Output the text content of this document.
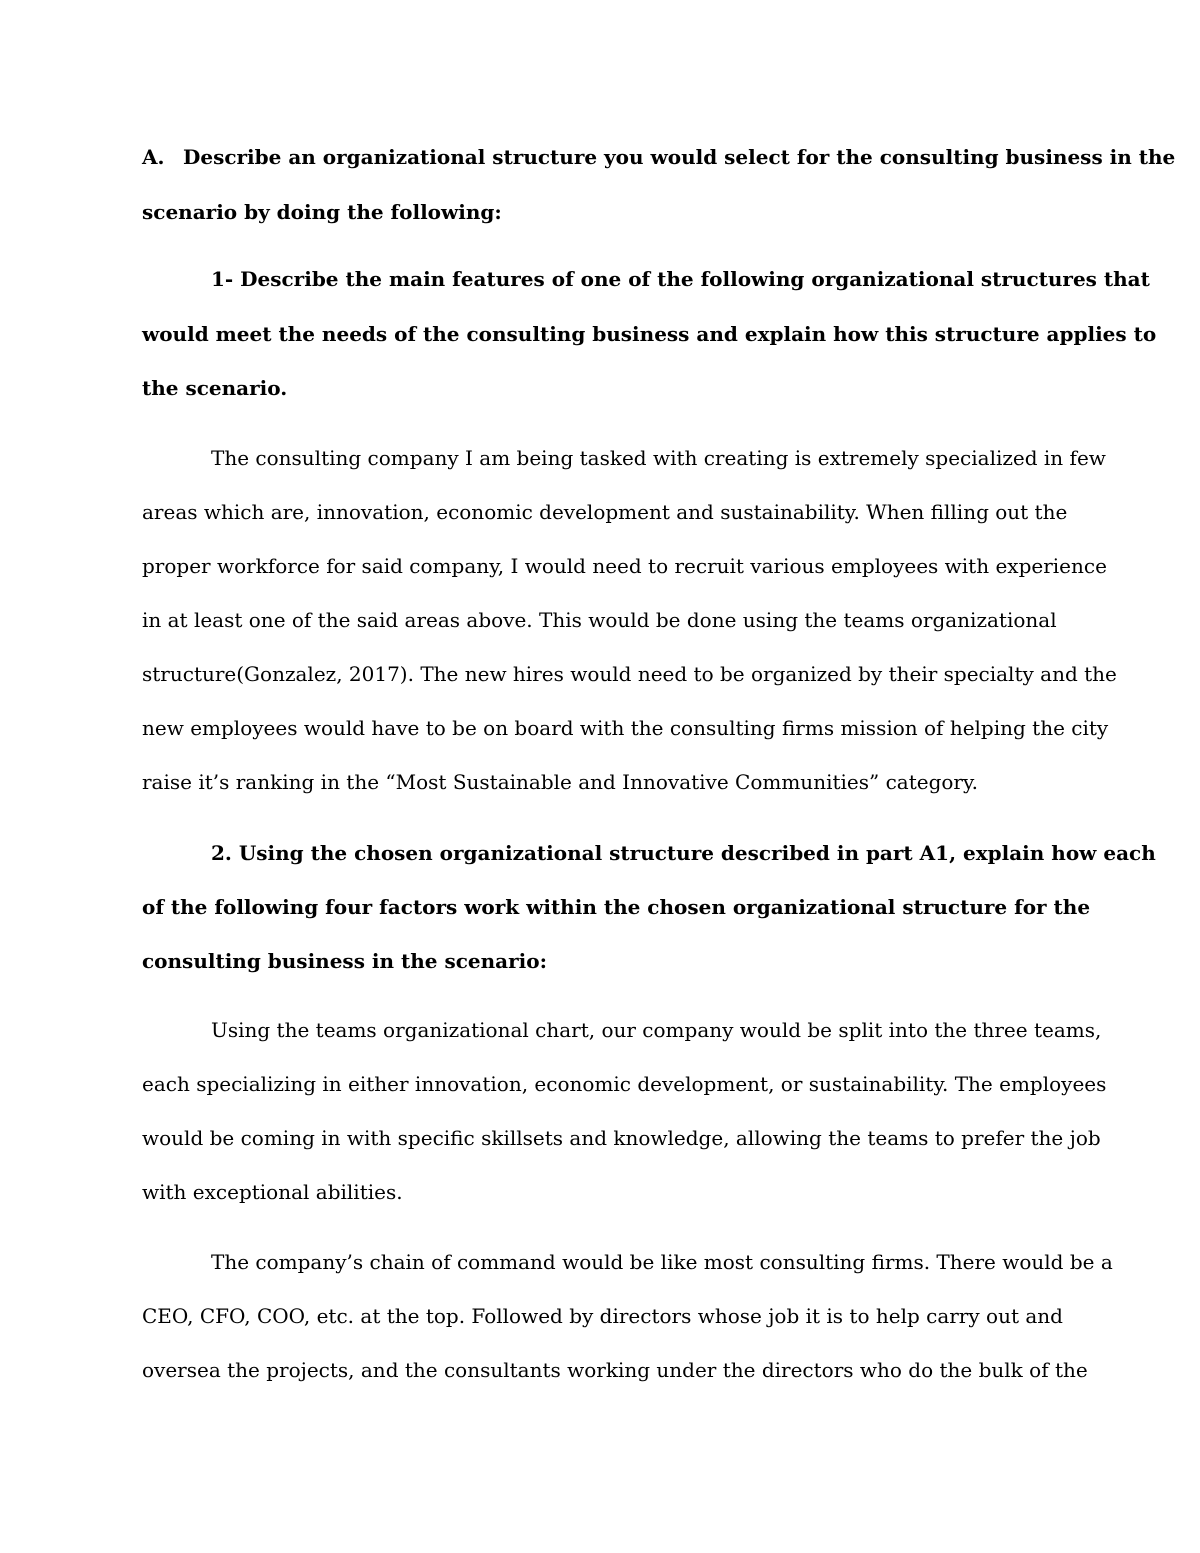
A. Describe an organizational structure you would select for the consulting business in the
scenario by doing the following:
1- Describe the main features of one of the following organizational structures that
would meet the needs of the consulting business and explain how this structure applies to
the scenario.
The consulting company I am being tasked with creating is extremely specialized in few
areas which are, innovation, economic development and sustainability. When filling out the
proper workforce for said company, I would need to recruit various employees with experience
in at least one of the said areas above. This would be done using the teams organizational
structure(Gonzalez, 2017). The new hires would need to be organized by their specialty and the
new employees would have to be on board with the consulting firms mission of helping the city
raise it’s ranking in the “Most Sustainable and Innovative Communities” category.
2. Using the chosen organizational structure described in part A1, explain how each
of the following four factors work within the chosen organizational structure for the
consulting business in the scenario:
Using the teams organizational chart, our company would be split into the three teams,
each specializing in either innovation, economic development, or sustainability. The employees
would be coming in with specific skillsets and knowledge, allowing the teams to prefer the job
with exceptional abilities.
The company’s chain of command would be like most consulting firms. There would be a
CEO, CFO, COO, etc. at the top. Followed by directors whose job it is to help carry out and
oversea the projects, and the consultants working under the directors who do the bulk of the
